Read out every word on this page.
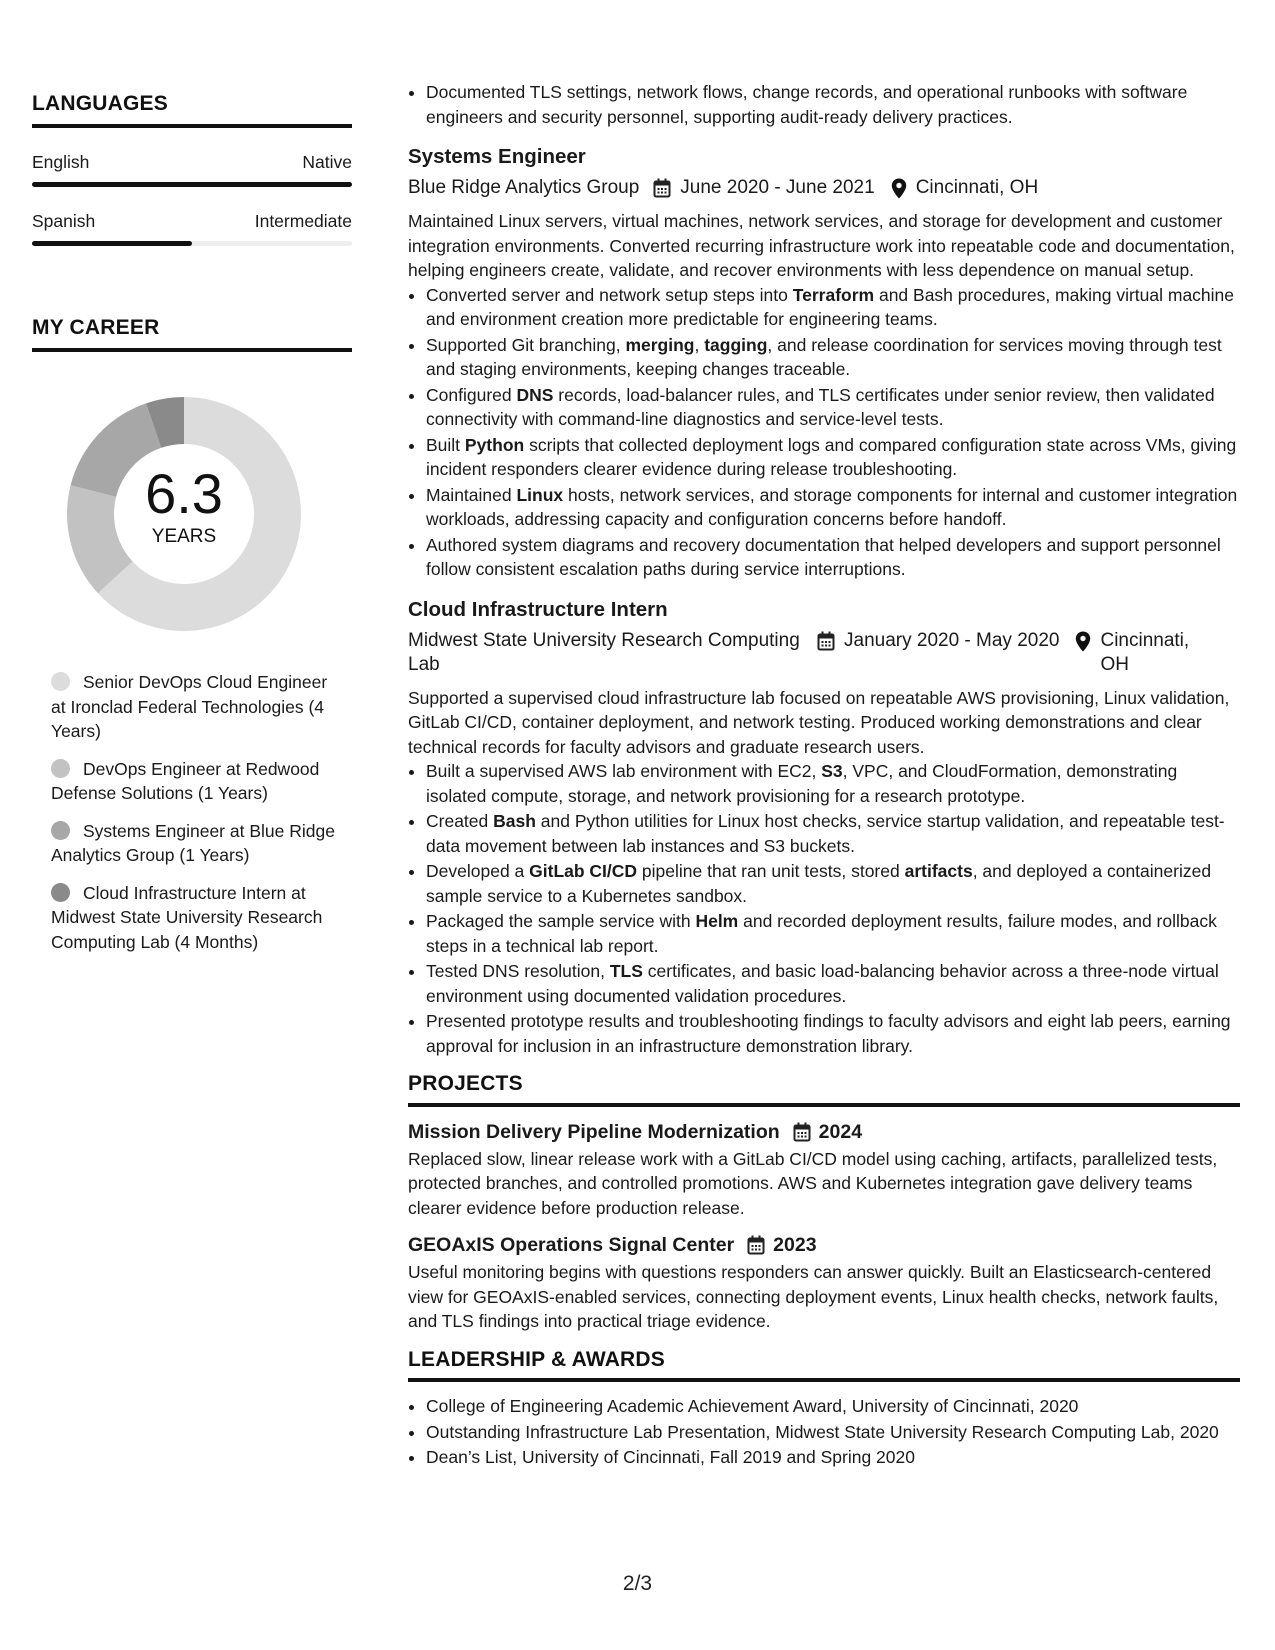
LANGUAGES
English	Native
Spanish	Intermediate
MY CAREER
6.3
YEARS
Senior DevOps Cloud Engineer at Ironclad Federal Technologies (4 Years)
DevOps Engineer at Redwood Defense Solutions (1 Years)
Systems Engineer at Blue Ridge Analytics Group (1 Years)
Cloud Infrastructure Intern at Midwest State University Research Computing Lab (4 Months)
• Documented TLS settings, network flows, change records, and operational runbooks with software engineers and security personnel, supporting audit-ready delivery practices.
Systems Engineer
Blue Ridge Analytics Group June 2020 - June 2021 Cincinnati, OH
Maintained Linux servers, virtual machines, network services, and storage for development and customer integration environments. Converted recurring infrastructure work into repeatable code and documentation, helping engineers create, validate, and recover environments with less dependence on manual setup.
• Converted server and network setup steps into Terraform and Bash procedures, making virtual machine and environment creation more predictable for engineering teams.
• Supported Git branching, merging, tagging, and release coordination for services moving through test and staging environments, keeping changes traceable.
• Configured DNS records, load-balancer rules, and TLS certificates under senior review, then validated connectivity with command-line diagnostics and service-level tests.
• Built Python scripts that collected deployment logs and compared configuration state across VMs, giving incident responders clearer evidence during release troubleshooting.
• Maintained Linux hosts, network services, and storage components for internal and customer integration workloads, addressing capacity and configuration concerns before handoff.
• Authored system diagrams and recovery documentation that helped developers and support personnel follow consistent escalation paths during service interruptions.
Cloud Infrastructure Intern
Midwest State University Research Computing Lab
January 2020 - May 2020 Cincinnati, OH
Supported a supervised cloud infrastructure lab focused on repeatable AWS provisioning, Linux validation, GitLab CI/CD, container deployment, and network testing. Produced working demonstrations and clear technical records for faculty advisors and graduate research users.
• Built a supervised AWS lab environment with EC2, S3, VPC, and CloudFormation, demonstrating isolated compute, storage, and network provisioning for a research prototype.
• Created Bash and Python utilities for Linux host checks, service startup validation, and repeatable test-data movement between lab instances and S3 buckets.
• Developed a GitLab CI/CD pipeline that ran unit tests, stored artifacts, and deployed a containerized sample service to a Kubernetes sandbox.
• Packaged the sample service with Helm and recorded deployment results, failure modes, and rollback steps in a technical lab report.
• Tested DNS resolution, TLS certificates, and basic load-balancing behavior across a three-node virtual environment using documented validation procedures.
• Presented prototype results and troubleshooting findings to faculty advisors and eight lab peers, earning approval for inclusion in an infrastructure demonstration library.
PROJECTS
Mission Delivery Pipeline Modernization 2024
Replaced slow, linear release work with a GitLab CI/CD model using caching, artifacts, parallelized tests, protected branches, and controlled promotions. AWS and Kubernetes integration gave delivery teams clearer evidence before production release.
GEOAxIS Operations Signal Center 2023
Useful monitoring begins with questions responders can answer quickly. Built an Elasticsearch-centered view for GEOAxIS-enabled services, connecting deployment events, Linux health checks, network faults, and TLS findings into practical triage evidence.
LEADERSHIP & AWARDS
• College of Engineering Academic Achievement Award, University of Cincinnati, 2020
• Outstanding Infrastructure Lab Presentation, Midwest State University Research Computing Lab, 2020
• Dean’s List, University of Cincinnati, Fall 2019 and Spring 2020
2/3
